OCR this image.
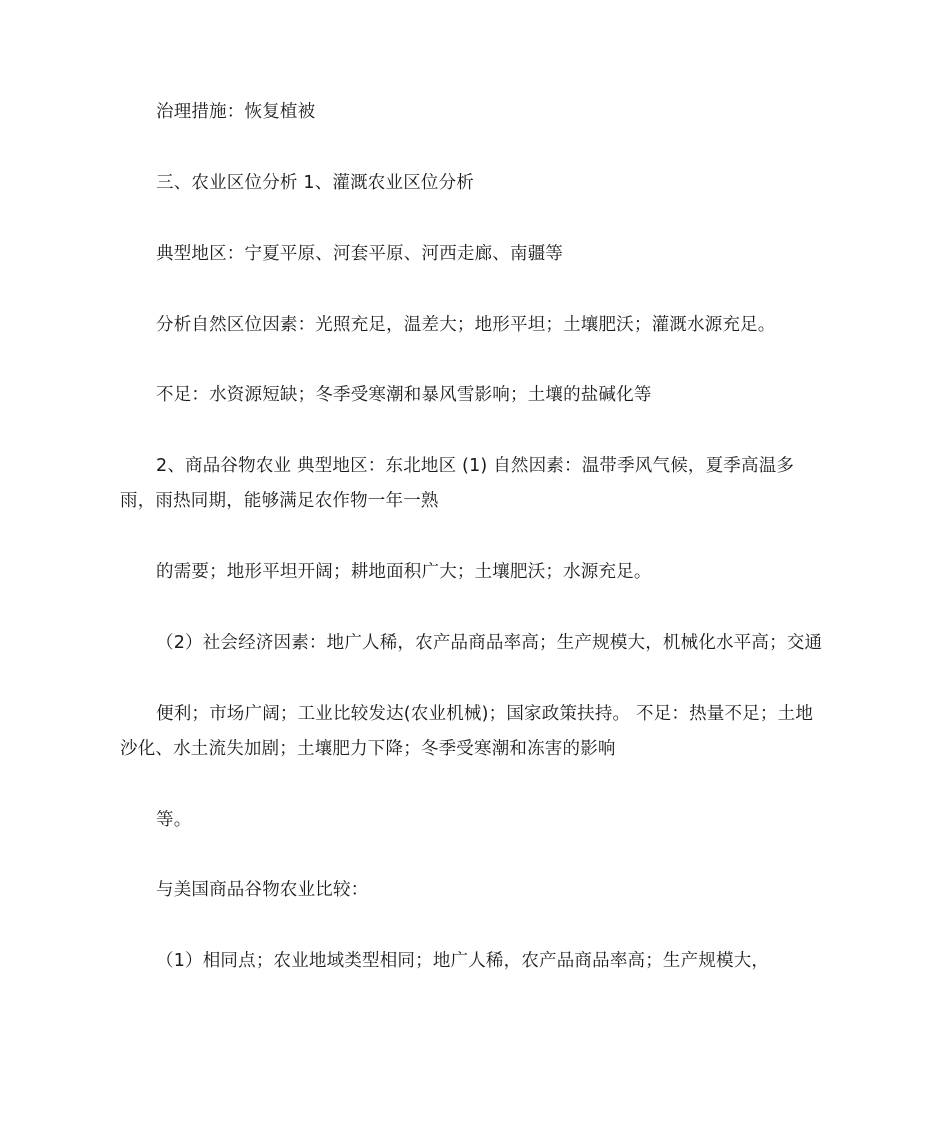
治理措施：恢复植被
三、农业区位分析 1、灌溉农业区位分析
典型地区：宁夏平原、河套平原、河西走廊、南疆等
分析自然区位因素：光照充足，温差大；地形平坦；土壤肥沃；灌溉水源充足。
不足：水资源短缺；冬季受寒潮和暴风雪影响；土壤的盐碱化等
2、商品谷物农业 典型地区：东北地区 (1) 自然因素：温带季风气候，夏季高温多
雨，雨热同期，能够满足农作物一年一熟
的需要；地形平坦开阔；耕地面积广大；土壤肥沃；水源充足。
（2）社会经济因素：地广人稀，农产品商品率高；生产规模大，机械化水平高；交通
便利；市场广阔；工业比较发达(农业机械)；国家政策扶持。 不足：热量不足；土地
沙化、水土流失加剧；土壤肥力下降；冬季受寒潮和冻害的影响
等。
与美国商品谷物农业比较：
（1）相同点；农业地域类型相同；地广人稀，农产品商品率高；生产规模大，
